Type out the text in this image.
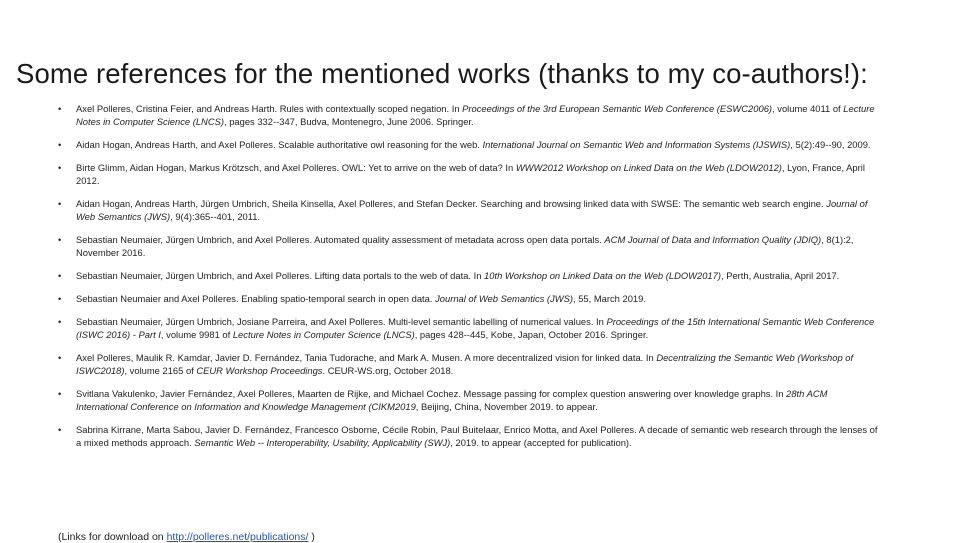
Some references for the mentioned works (thanks to my co-authors!):
• Axel Polleres, Cristina Feier, and Andreas Harth. Rules with contextually scoped negation. In Proceedings of the 3rd European Semantic Web Conference (ESWC2006), volume 4011 of Lecture Notes in Computer Science (LNCS), pages 332--347, Budva, Montenegro, June 2006. Springer.
• Aidan Hogan, Andreas Harth, and Axel Polleres. Scalable authoritative owl reasoning for the web. International Journal on Semantic Web and Information Systems (IJSWIS), 5(2):49--90, 2009.
• Birte Glimm, Aidan Hogan, Markus Krötzsch, and Axel Polleres. OWL: Yet to arrive on the web of data? In WWW2012 Workshop on Linked Data on the Web (LDOW2012), Lyon, France, April 2012.
• Aidan Hogan, Andreas Harth, Jürgen Umbrich, Sheila Kinsella, Axel Polleres, and Stefan Decker. Searching and browsing linked data with SWSE: The semantic web search engine. Journal of Web Semantics (JWS), 9(4):365--401, 2011.
• Sebastian Neumaier, Jürgen Umbrich, and Axel Polleres. Automated quality assessment of metadata across open data portals. ACM Journal of Data and Information Quality (JDIQ), 8(1):2, November 2016.
• Sebastian Neumaier, Jürgen Umbrich, and Axel Polleres. Lifting data portals to the web of data. In 10th Workshop on Linked Data on the Web (LDOW2017), Perth, Australia, April 2017.
• Sebastian Neumaier and Axel Polleres. Enabling spatio-temporal search in open data. Journal of Web Semantics (JWS), 55, March 2019.
• Sebastian Neumaier, Jürgen Umbrich, Josiane Parreira, and Axel Polleres. Multi-level semantic labelling of numerical values. In Proceedings of the 15th International Semantic Web Conference (ISWC 2016) - Part I, volume 9981 of Lecture Notes in Computer Science (LNCS), pages 428--445, Kobe, Japan, October 2016. Springer.
• Axel Polleres, Maulik R. Kamdar, Javier D. Fernández, Tania Tudorache, and Mark A. Musen. A more decentralized vision for linked data. In Decentralizing the Semantic Web (Workshop of ISWC2018), volume 2165 of CEUR Workshop Proceedings. CEUR-WS.org, October 2018.
• Svitlana Vakulenko, Javier Fernández, Axel Polleres, Maarten de Rijke, and Michael Cochez. Message passing for complex question answering over knowledge graphs. In 28th ACM International Conference on Information and Knowledge Management (CIKM2019, Beijing, China, November 2019. to appear.
• Sabrina Kirrane, Marta Sabou, Javier D. Fernández, Francesco Osborne, Cécile Robin, Paul Buitelaar, Enrico Motta, and Axel Polleres. A decade of semantic web research through the lenses of a mixed methods approach. Semantic Web -- Interoperability, Usability, Applicability (SWJ), 2019. to appear (accepted for publication).
(Links for download on http://polleres.net/publications/ )
